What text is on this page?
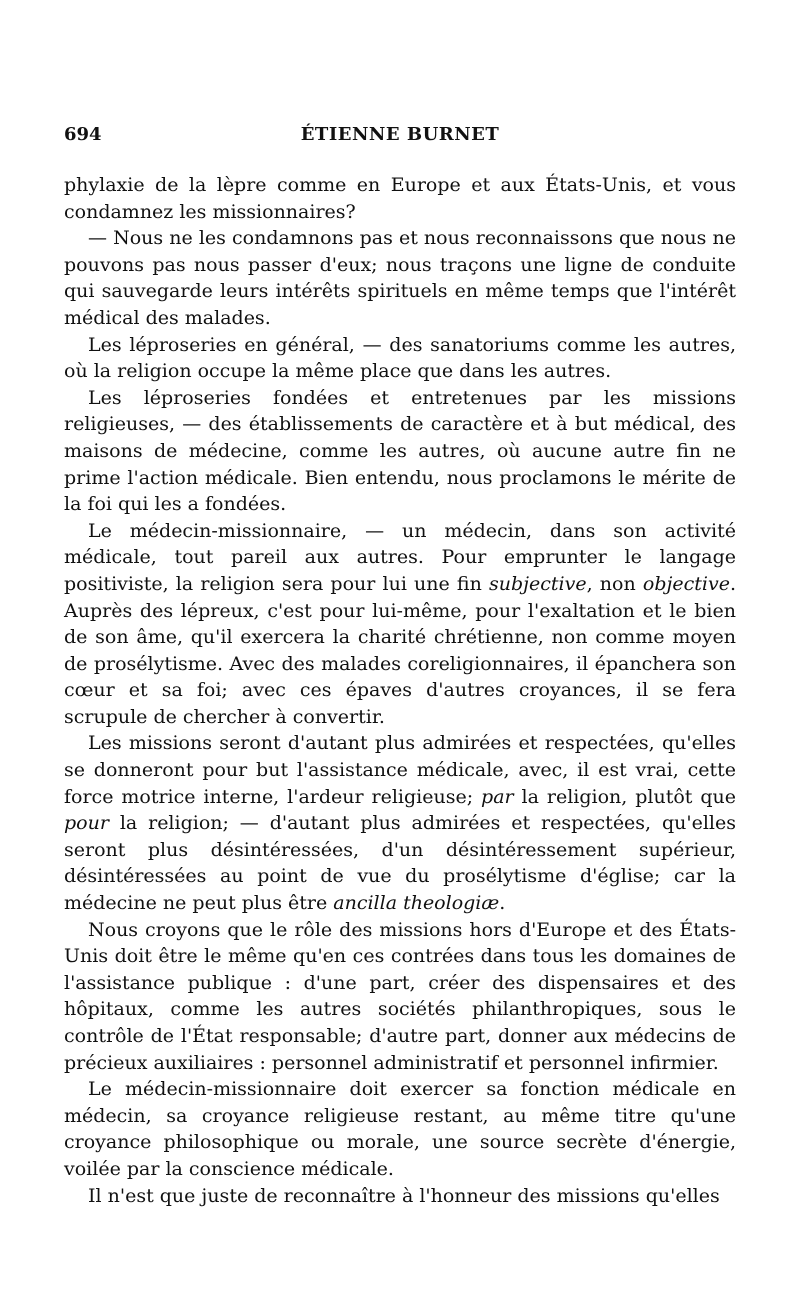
694	ÉTIENNE BURNET

phylaxie de la lèpre comme en Europe et aux États-Unis, et vous condamnez les missionnaires?

— Nous ne les condamnons pas et nous reconnaissons que nous ne pouvons pas nous passer d'eux; nous traçons une ligne de conduite qui sauvegarde leurs intérêts spirituels en même temps que l'intérêt médical des malades.

Les léproseries en général, — des sanatoriums comme les autres, où la religion occupe la même place que dans les autres.

Les léproseries fondées et entretenues par les missions religieuses, — des établissements de caractère et à but médical, des maisons de médecine, comme les autres, où aucune autre fin ne prime l'action médicale. Bien entendu, nous proclamons le mérite de la foi qui les a fondées.

Le médecin-missionnaire, — un médecin, dans son activité médicale, tout pareil aux autres. Pour emprunter le langage positiviste, la religion sera pour lui une fin subjective, non objective. Auprès des lépreux, c'est pour lui-même, pour l'exaltation et le bien de son âme, qu'il exercera la charité chrétienne, non comme moyen de prosélytisme. Avec des malades coreligionnaires, il épanchera son cœur et sa foi; avec ces épaves d'autres croyances, il se fera scrupule de chercher à convertir.

Les missions seront d'autant plus admirées et respectées, qu'elles se donneront pour but l'assistance médicale, avec, il est vrai, cette force motrice interne, l'ardeur religieuse; par la religion, plutôt que pour la religion; — d'autant plus admirées et respectées, qu'elles seront plus désintéressées, d'un désintéressement supérieur, désintéressées au point de vue du prosélytisme d'église; car la médecine ne peut plus être ancilla theologiæ.

Nous croyons que le rôle des missions hors d'Europe et des États-Unis doit être le même qu'en ces contrées dans tous les domaines de l'assistance publique : d'une part, créer des dispensaires et des hôpitaux, comme les autres sociétés philanthropiques, sous le contrôle de l'État responsable; d'autre part, donner aux médecins de précieux auxiliaires : personnel administratif et personnel infirmier.

Le médecin-missionnaire doit exercer sa fonction médicale en médecin, sa croyance religieuse restant, au même titre qu'une croyance philosophique ou morale, une source secrète d'énergie, voilée par la conscience médicale.

Il n'est que juste de reconnaître à l'honneur des missions qu'elles
